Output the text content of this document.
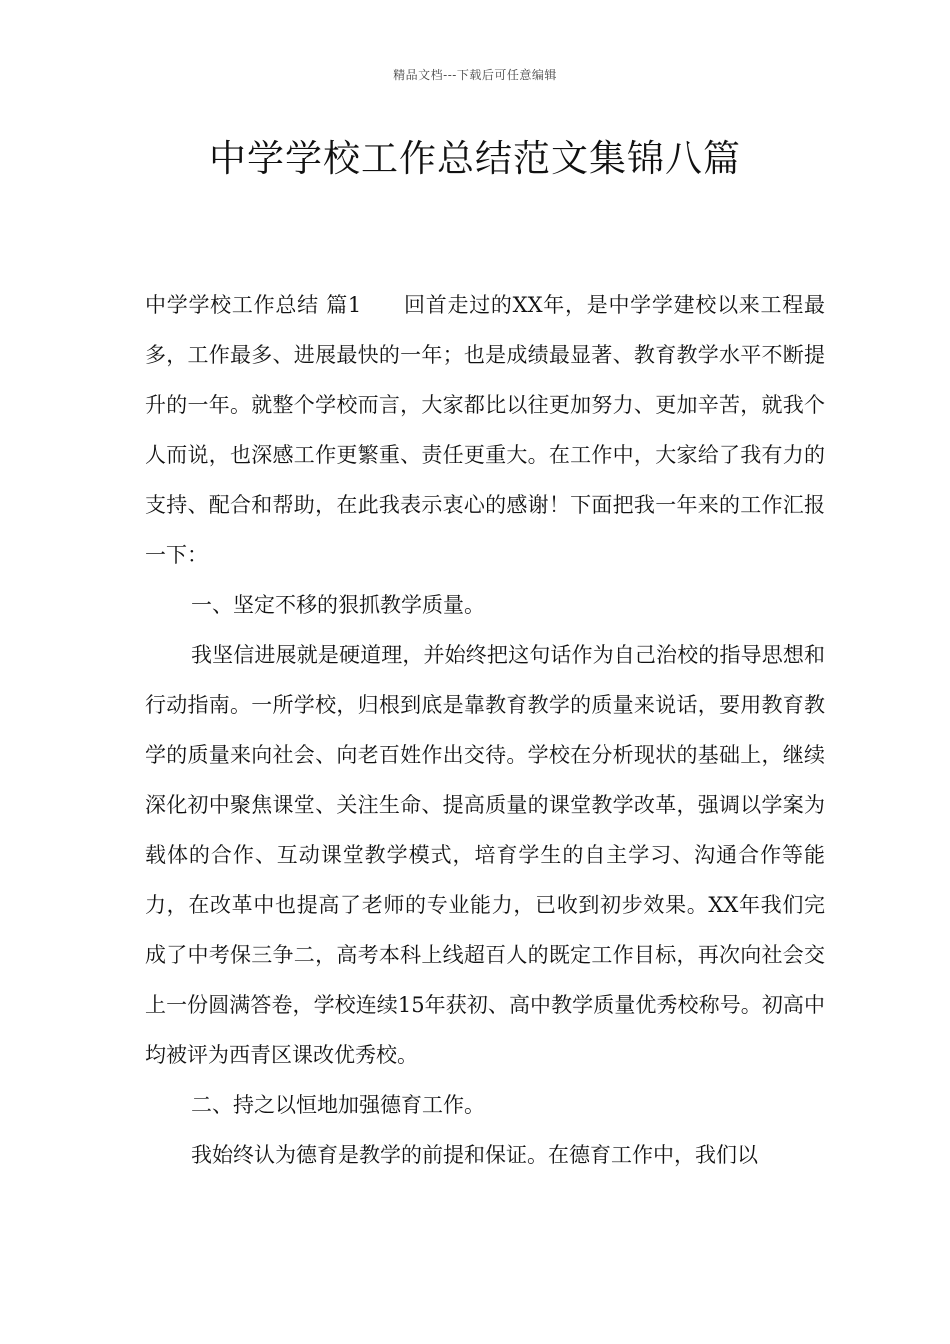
精品文档---下载后可任意编辑
中学学校工作总结范文集锦八篇

中学学校工作总结 篇1 回首走过的XX年，是中学学建校以来工程最多，工作最多、进展最快的一年；也是成绩最显著、教育教学水平不断提升的一年。就整个学校而言，大家都比以往更加努力、更加辛苦，就我个人而说，也深感工作更繁重、责任更重大。在工作中，大家给了我有力的支持、配合和帮助，在此我表示衷心的感谢！下面把我一年来的工作汇报一下：

一、坚定不移的狠抓教学质量。

我坚信进展就是硬道理，并始终把这句话作为自己治校的指导思想和行动指南。一所学校，归根到底是靠教育教学的质量来说话，要用教育教学的质量来向社会、向老百姓作出交待。学校在分析现状的基础上，继续深化初中聚焦课堂、关注生命、提高质量的课堂教学改革，强调以学案为载体的合作、互动课堂教学模式，培育学生的自主学习、沟通合作等能力，在改革中也提高了老师的专业能力，已收到初步效果。XX年我们完成了中考保三争二，高考本科上线超百人的既定工作目标，再次向社会交上一份圆满答卷，学校连续15年获初、高中教学质量优秀校称号。初高中均被评为西青区课改优秀校。

二、持之以恒地加强德育工作。

我始终认为德育是教学的前提和保证。在德育工作中，我们以
